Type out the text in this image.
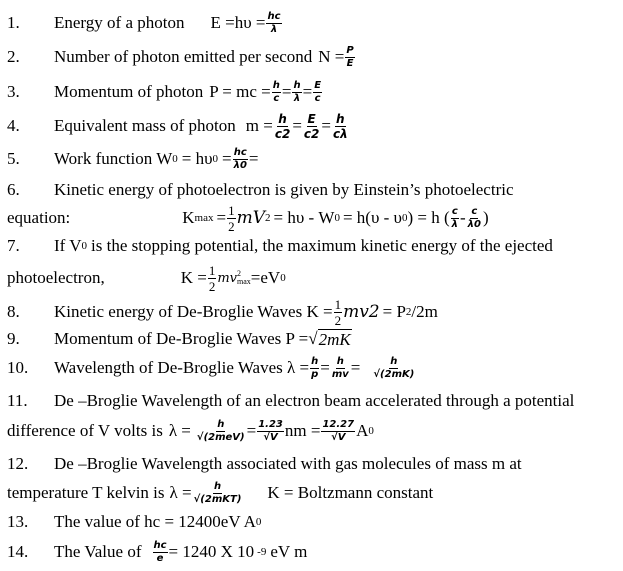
1.	Energy of a photon $E =h\upsilon = \frac{hc}{\lambda}$
2.	Number of photon emitted per second $N = \frac{P}{E}$
3.	Momentum of photon P = mc = $\frac{h}{c} = \frac{h}{\lambda} = \frac{E}{c}$
4.	Equivalent mass of photon $m = \frac{h}{c2} = \frac{E}{c2} = \frac{h}{c\lambda}$
5.	Work function W 0 = hυ $0 = \frac{hc}{\lambda 0}$ =
6.	Kinetic energy of photoelectron is given by Einstein’s photoelectric
equation:	K $\max = \frac{1}{2}$ mV 2 = hυ - W 0 = h(υ - υ 0 ) = h ( $\frac{c}{\lambda} - \frac{c}{\lambda 0}$ )
7.	If V 0 is the stopping potential, the maximum kinetic energy of the ejected
photoelectron,	$K = \frac{1}{2}$ mv 2
max =eV 0
8.	Kinetic energy of De-Broglie Waves $K = \frac{1}{2} mv2 = P$ 2 /2m
9.	Momentum of De-Broglie Waves P = √ 2mK
10.	Wavelength of De-Broglie Waves $\lambda = \frac{h}{p} = \frac{h}{mv} = \frac{h}{√(2mK)}$
11.	De –Broglie Wavelength of an electron beam accelerated through a potential
difference of V volts is $\lambda = \frac{h}{\text{√(2meV)}} = \frac{1.23}{√V}$ nm = $\frac{12.27}{√V}$ A 0
12.	De –Broglie Wavelength associated with gas molecules of mass m at
temperature T kelvin is $\lambda = \frac{h}{\text{√(2mKT)}}$ K = Boltzmann constant
13.	The value of hc = 12400eV A 0
14.	The Value of $\frac{hc}{e} = 1240$ X 10 -9 eV m
